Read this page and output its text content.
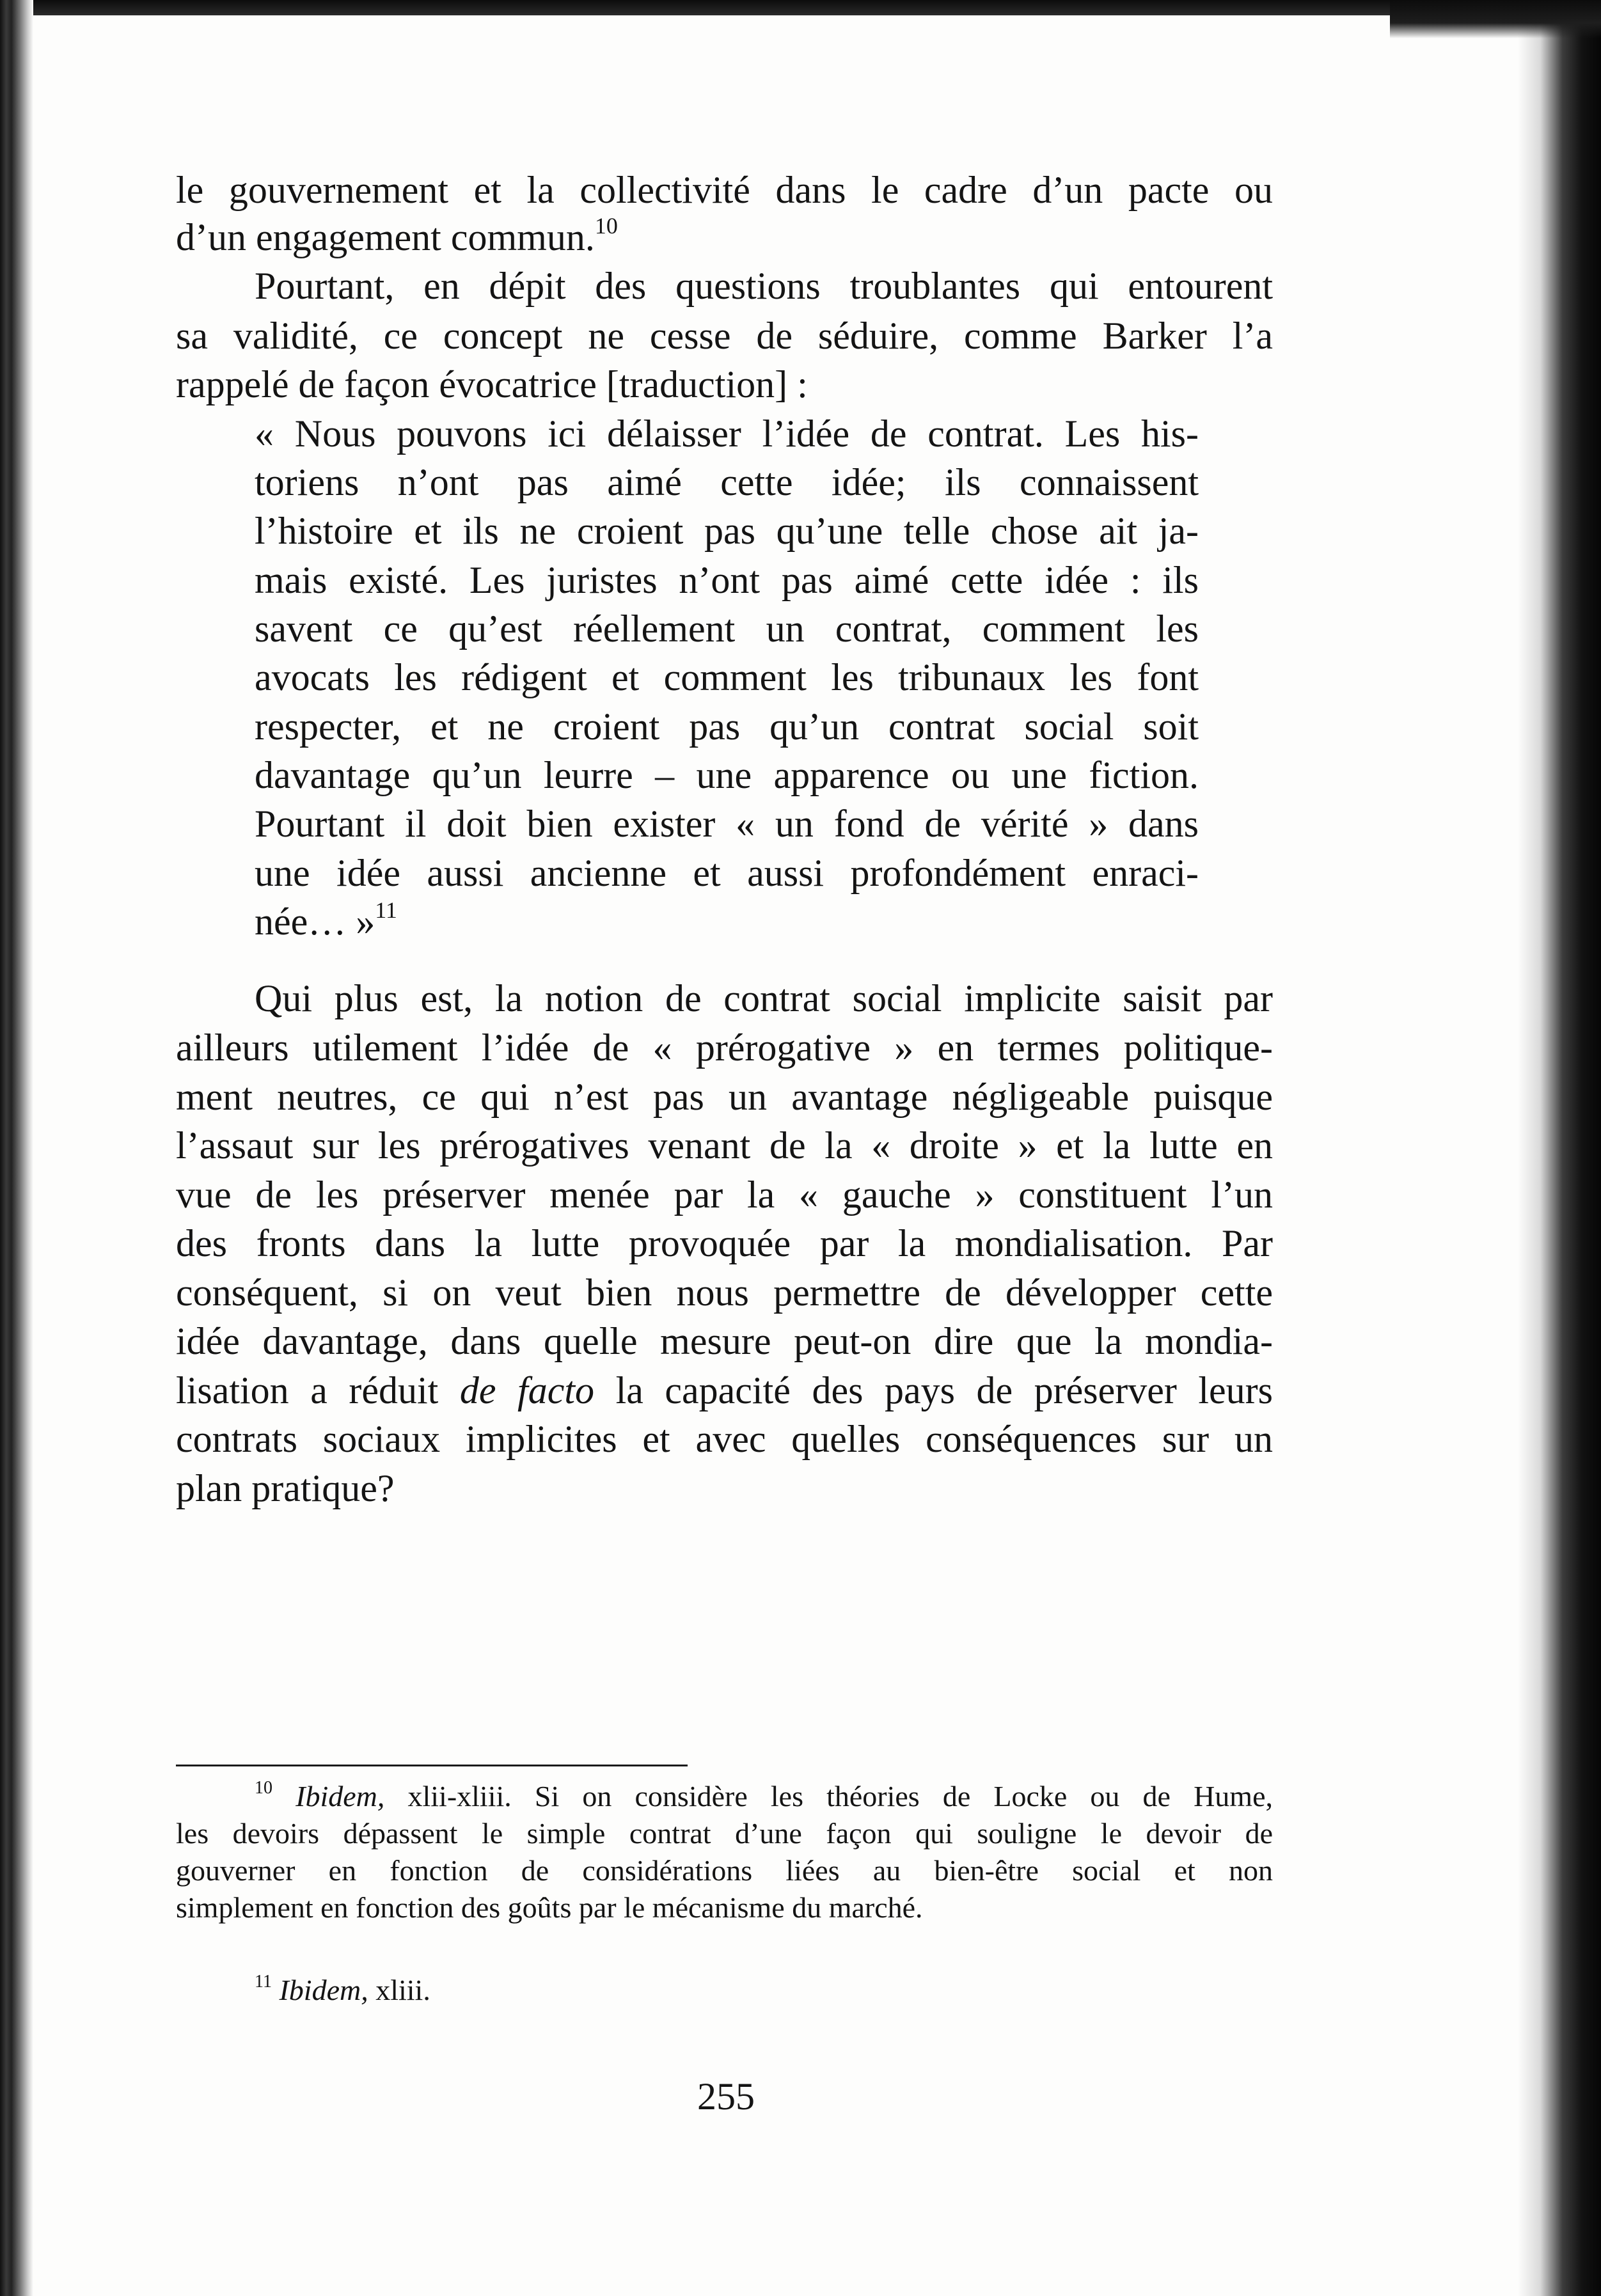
le gouvernement et la collectivité dans le cadre d’un pacte ou
d’un engagement commun.$^{10}$
Pourtant, en dépit des questions troublantes qui entourent
sa validité, ce concept ne cesse de séduire, comme Barker l’a
rappelé de façon évocatrice [traduction] :
« Nous pouvons ici délaisser l’idée de contrat. Les his-
toriens n’ont pas aimé cette idée; ils connaissent
l’histoire et ils ne croient pas qu’une telle chose ait ja-
mais existé. Les juristes n’ont pas aimé cette idée : ils
savent ce qu’est réellement un contrat, comment les
avocats les rédigent et comment les tribunaux les font
respecter, et ne croient pas qu’un contrat social soit
davantage qu’un leurre – une apparence ou une fiction.
Pourtant il doit bien exister « un fond de vérité » dans
une idée aussi ancienne et aussi profondément enraci-
née… »$^{11}$
Qui plus est, la notion de contrat social implicite saisit par
ailleurs utilement l’idée de « prérogative » en termes politique-
ment neutres, ce qui n’est pas un avantage négligeable puisque
l’assaut sur les prérogatives venant de la « droite » et la lutte en
vue de les préserver menée par la « gauche » constituent l’un
des fronts dans la lutte provoquée par la mondialisation. Par
conséquent, si on veut bien nous permettre de développer cette
idée davantage, dans quelle mesure peut-on dire que la mondia-
lisation a réduit de facto la capacité des pays de préserver leurs
contrats sociaux implicites et avec quelles conséquences sur un
plan pratique?
$^{10}$ Ibidem, xlii-xliii. Si on considère les théories de Locke ou de Hume,
les devoirs dépassent le simple contrat d’une façon qui souligne le devoir de
gouverner en fonction de considérations liées au bien-être social et non
simplement en fonction des goûts par le mécanisme du marché.
$^{11}$ Ibidem, xliii.
255
